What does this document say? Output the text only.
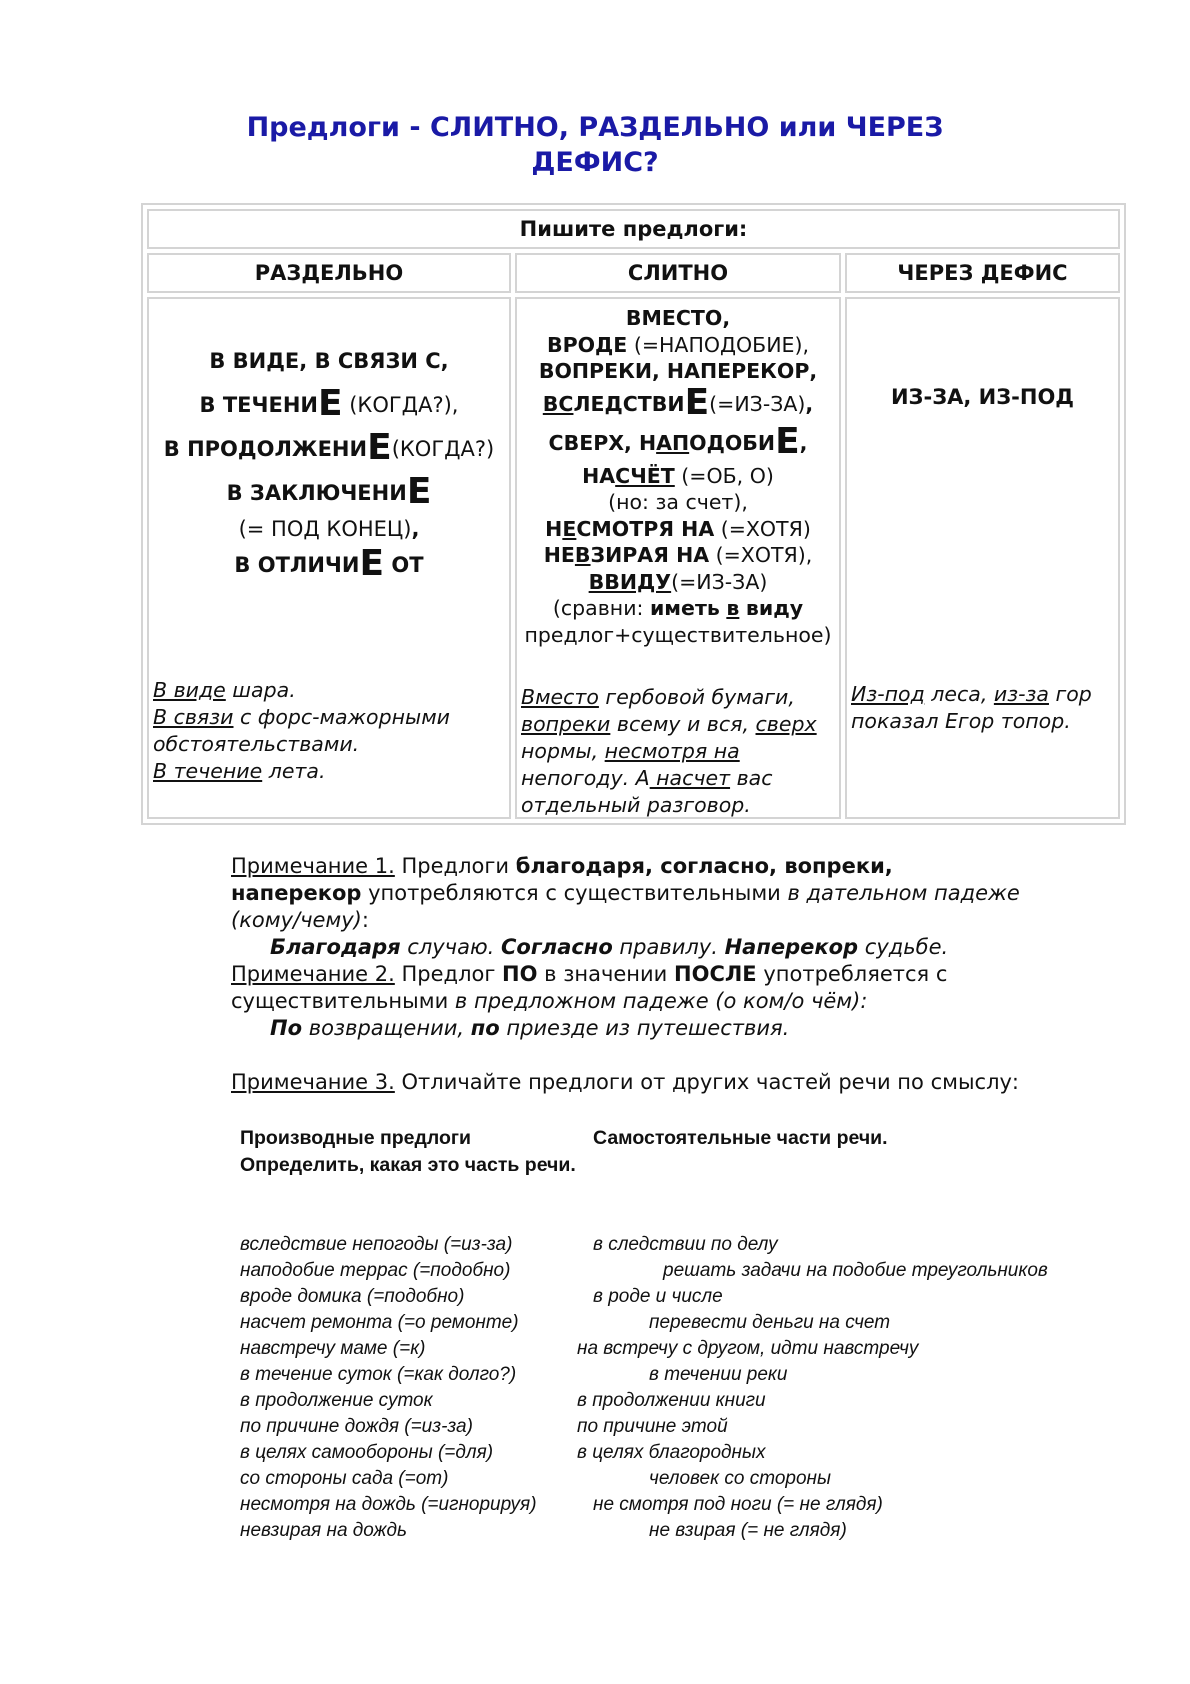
Предлоги - СЛИТНО, РАЗДЕЛЬНО или ЧЕРЕЗ
ДЕФИС?
Пишите предлоги:
РАЗДЕЛЬНО	СЛИТНО	ЧЕРЕЗ ДЕФИС
В ВИДЕ, В СВЯЗИ С,
В ТЕЧЕНИЕ (КОГДА?),
В ПРОДОЛЖЕНИЕ(КОГДА?)
В ЗАКЛЮЧЕНИЕ
(= ПОД КОНЕЦ),
В ОТЛИЧИЕ ОТ
В виде шара.
В связи с форс-мажорными
обстоятельствами.
В течение лета.
ВМЕСТО,
ВРОДЕ (=НАПОДОБИЕ),
ВОПРЕКИ, НАПЕРЕКОР,
ВСЛЕДСТВИЕ(=ИЗ-ЗА),
СВЕРХ, НАПОДОБИЕ,
НАСЧЁТ (=ОБ, О)
(но: за счет),
НЕСМОТРЯ НА (=ХОТЯ)
НЕВЗИРАЯ НА (=ХОТЯ),
ВВИДУ(=ИЗ-ЗА)
(сравни: иметь в виду
предлог+существительное)
Вместо гербовой бумаги,
вопреки всему и вся, сверх
нормы, несмотря на
непогоду. А насчет вас
отдельный разговор.
ИЗ-ЗА, ИЗ-ПОД
Из-под леса, из-за гор
показал Егор топор.
Примечание 1. Предлоги благодаря, согласно, вопреки,
наперекор употребляются с существительными в дательном падеже
(кому/чему):
Благодаря случаю. Согласно правилу. Наперекор судьбе.
Примечание 2. Предлог ПО в значении ПОСЛЕ употребляется с
существительными в предложном падеже (о ком/о чём):
По возвращении, по приезде из путешествия.
Примечание 3. Отличайте предлоги от других частей речи по смыслу:
Производные предлоги
Определить, какая это часть речи.
Самостоятельные части речи.
вследствие непогоды (=из-за)
наподобие террас (=подобно)
вроде домика (=подобно)
насчет ремонта (=о ремонте)
навстречу маме (=к)
в течение суток (=как долго?)
в продолжение суток
по причине дождя (=из-за)
в целях самообороны (=для)
со стороны сада (=от)
несмотря на дождь (=игнорируя)
невзирая на дождь
в следствии по делу
решать задачи на подобие треугольников
в роде и числе
перевести деньги на счет
на встречу с другом, идти навстречу
в течении реки
в продолжении книги
по причине этой
в целях благородных
человек со стороны
не смотря под ноги (= не глядя)
не взирая (= не глядя)
